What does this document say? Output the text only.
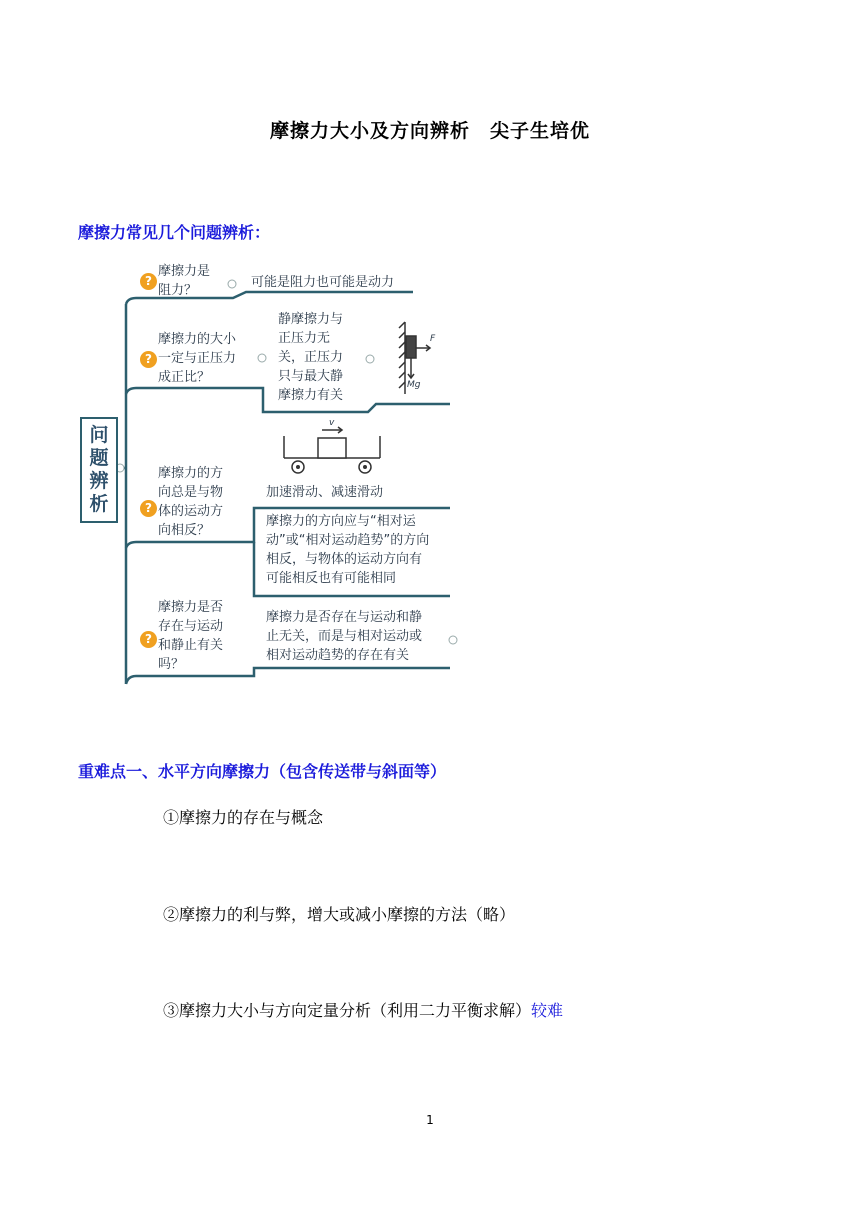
摩擦力大小及方向辨析　尖子生培优
摩擦力常见几个问题辨析：
问
题
辨
析
?
摩擦力是
阻力？
可能是阻力也可能是动力
?
摩擦力的大小
一定与正压力
成正比？
静摩擦力与
正压力无
关，正压力
只与最大静
摩擦力有关
F
Mg
?
摩擦力的方
向总是与物
体的运动方
向相反？
v
加速滑动、减速滑动
摩擦力的方向应与“相对运
动”或“相对运动趋势”的方向
相反，与物体的运动方向有
可能相反也有可能相同
?
摩擦力是否
存在与运动
和静止有关
吗？
摩擦力是否存在与运动和静
止无关，而是与相对运动或
相对运动趋势的存在有关
重难点一、水平方向摩擦力（包含传送带与斜面等）
①摩擦力的存在与概念
②摩擦力的利与弊，增大或减小摩擦的方法（略）
③摩擦力大小与方向定量分析（利用二力平衡求解）较难
1
